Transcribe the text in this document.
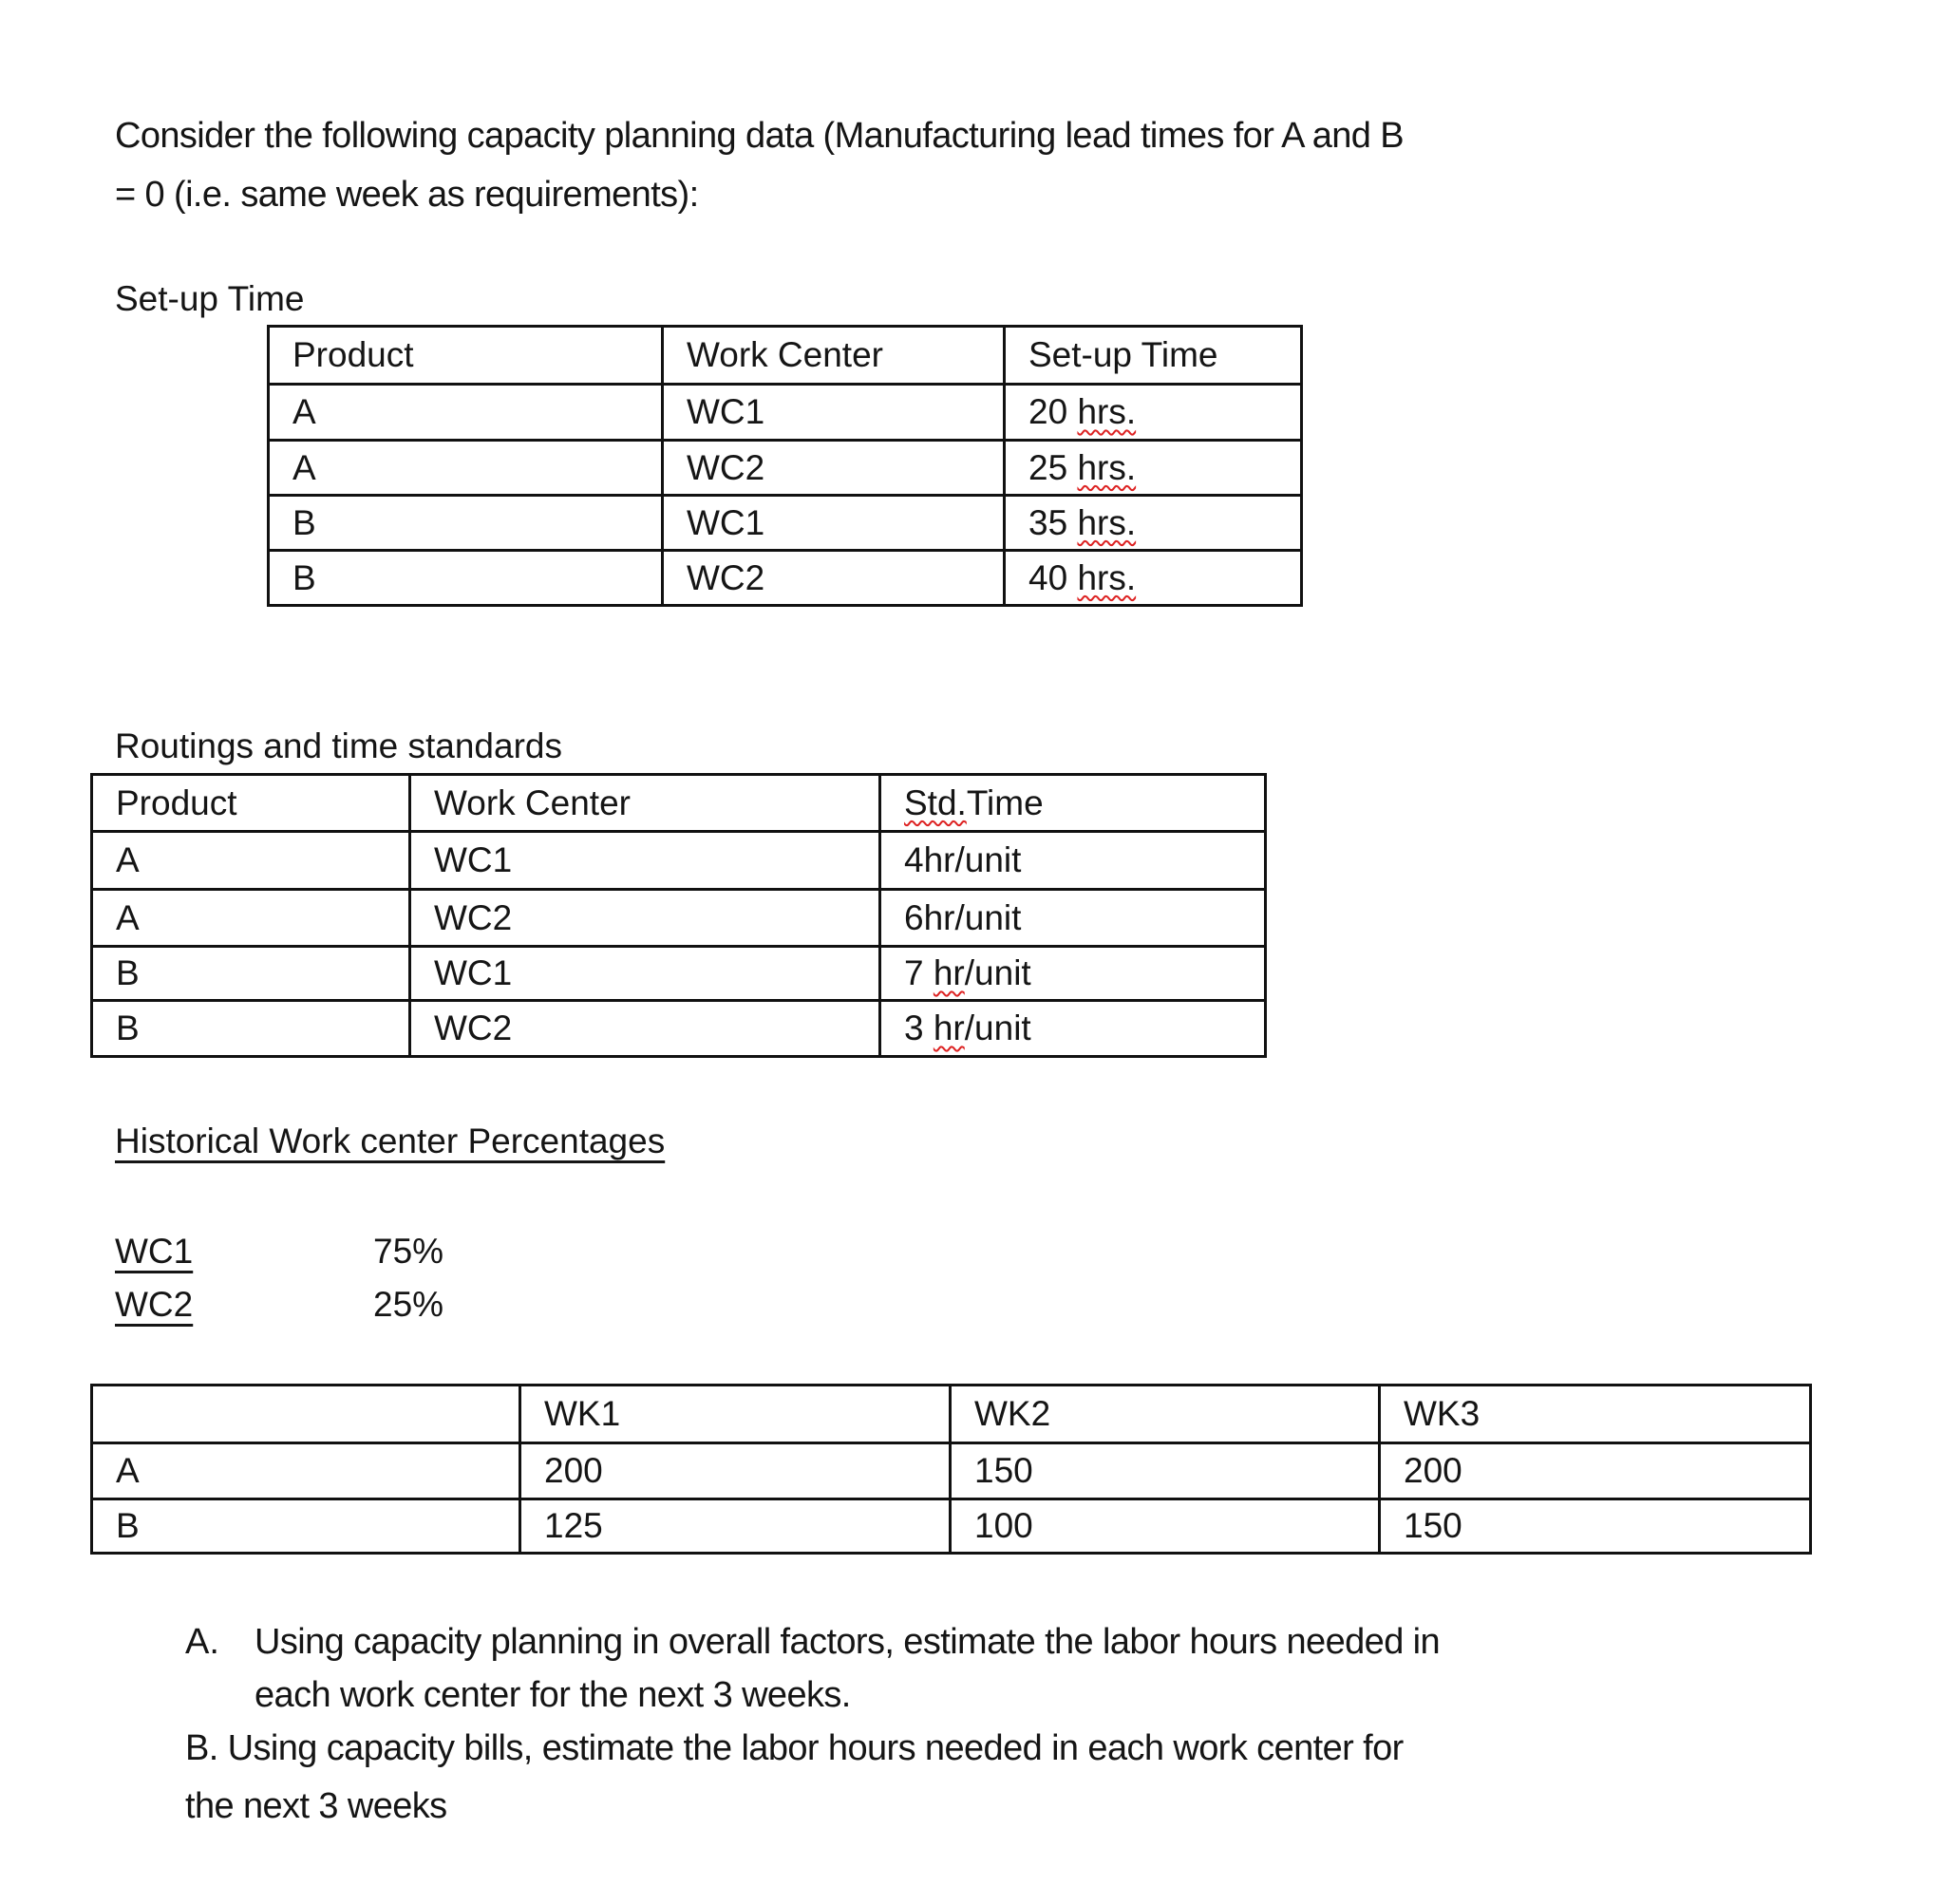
Consider the following capacity planning data (Manufacturing lead times for A and B
= 0 (i.e. same week as requirements):
Set-up Time
Product	Work Center	Set-up Time
A	WC1	20 hrs.
A	WC2	25 hrs.
B	WC1	35 hrs.
B	WC2	40 hrs.
Routings and time standards
Product	Work Center	Std.Time
A	WC1	4hr/unit
A	WC2	6hr/unit
B	WC1	7 hr/unit
B	WC2	3 hr/unit
Historical Work center Percentages
WC1	75%
WC2	25%
	WK1	WK2	WK3
A	200	150	200
B	125	100	150
A. Using capacity planning in overall factors, estimate the labor hours needed in
each work center for the next 3 weeks.
B. Using capacity bills, estimate the labor hours needed in each work center for
the next 3 weeks
